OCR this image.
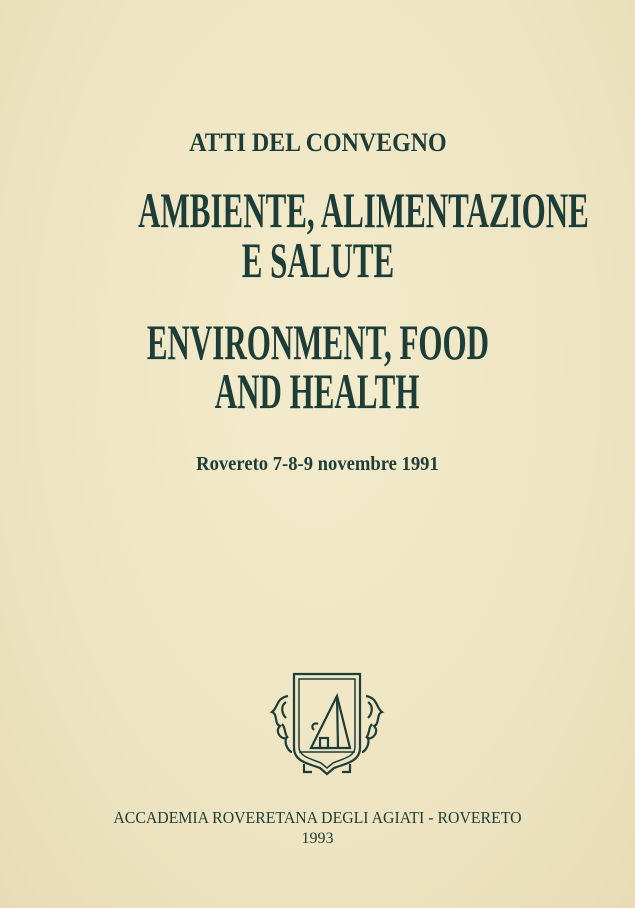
ATTI DEL CONVEGNO
AMBIENTE, ALIMENTAZIONE
E SALUTE
ENVIRONMENT, FOOD
AND HEALTH
Rovereto 7-8-9 novembre 1991
ACCADEMIA ROVERETANA DEGLI AGIATI - ROVERETO
1993
